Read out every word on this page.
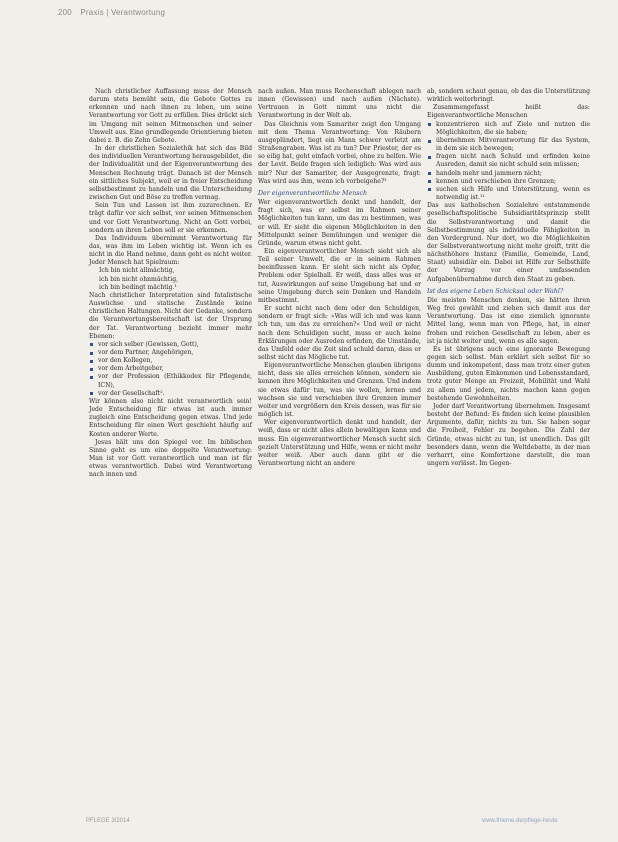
200 Praxis | Verantwortung

Nach christlicher Auffassung muss der Mensch darum stets bemüht sein, die Gebote Gottes zu erkennen und nach ihnen zu leben, um seine Verantwortung vor Gott zu erfüllen. Dies drückt sich im Umgang mit seinen Mitmenschen und seiner Umwelt aus. Eine grundlegende Orientierung bieten dabei z. B. die Zehn Gebote.

In der christlichen Sozialethik hat sich das Bild des individuellen Verantwortung herausgebildet, die der Individualität und der Eigenverantwortung des Menschen Rechnung trägt. Danach ist der Mensch ein sittliches Subjekt, weil er in freier Entscheidung selbstbestimmt zu handeln und die Unterscheidung zwischen Gut und Böse zu treffen vermag.

Sein Tun und Lassen ist ihm zuzurechnen. Er trägt dafür vor sich selbst, vor seinen Mitmenschen und vor Gott Verantwortung. Nicht an Gott vorbei, sondern an ihren Leben soll er sie erkennen.

Das Individuum übernimmt Verantwortung für das, was ihm im Leben wichtig ist. Wenn ich es nicht in die Hand nehme, dann geht es nicht weiter. Jeder Mensch hat Spielraum:

Ich bin nicht allmächtig,

ich bin nicht ohnmächtig,

ich bin bedingt mächtig.¹

Nach christlicher Interpretation sind fatalistische Auswüchse und statische Zustände keine christlichen Haltungen. Nicht der Gedanke, sondern die Verantwortungsbereitschaft ist der Ursprung der Tat. Verantwortung bezieht immer mehr Ebenen:

vor sich selber (Gewissen, Gott),
vor dem Partner, Angehörigen,
vor den Kollegen,
vor dem Arbeitgeber,
vor der Profession (Ethikkodex für Pflegende, ICN),
vor der Gesellschaft².

Wir können also nicht nicht verantwortlich sein! Jede Entscheidung für etwas ist auch immer zugleich eine Entscheidung gegen etwas. Und jede Entscheidung für einen Wert geschieht häufig auf Kosten anderer Werte.

Jesus hält uns den Spiegel vor. Im biblischen Sinne geht es um eine doppelte Verantwortung: Man ist vor Gott verantwortlich und man ist für etwas verantwortlich. Dabei wird Verantwortung nach innen und

nach außen. Man muss Rechenschaft ablegen nach innen (Gewissen) und nach außen (Nächste). Vertrauen in Gott nimmt uns nicht die Verantwortung in der Welt ab.

Das Gleichnis vom Samariter zeigt den Umgang mit dem Thema Verantwortung: Von Räubern ausgeplündert, liegt ein Mann schwer verletzt am Straßengraben. Was ist zu tun? Der Priester, der es so eilig hat, geht einfach vorbei, ohne zu helfen. Wie der Levit. Beide fragen sich lediglich: Was wird aus mir? Nur der Samariter, der Ausgegrenzte, fragt: Was wird aus ihm, wenn ich vorbeigehe?³

Der eigenverantwortliche Mensch

Wer eigenverantwortlich denkt und handelt, der fragt sich, was er selbst im Rahmen seiner Möglichkeiten tun kann, um das zu bestimmen, was er will. Er sieht die eigenen Möglichkeiten in den Mittelpunkt seiner Bemühungen und weniger die Gründe, warum etwas nicht geht.

Ein eigenverantwortlicher Mensch sieht sich als Teil seiner Umwelt, die er in seinem Rahmen beeinflussen kann. Er sieht sich nicht als Opfer, Problem oder Spielball. Er weiß, dass alles was er tut, Auswirkungen auf seine Umgebung hat und er seine Umgebung durch sein Denken und Handeln mitbestimmt.

Er sucht nicht nach dem oder den Schuldigen, sondern er fragt sich: »Was will ich und was kann ich tun, um das zu erreichen?« Und weil er nicht nach dem Schuldigen sucht, muss er auch keine Erklärungen oder Ausreden erfinden, die Umstände, das Umfeld oder die Zeit sind schuld daran, dass er selbst nicht das Mögliche tut.

Eigenverantwortliche Menschen glauben übrigens nicht, dass sie alles erreichen können, sondern sie kennen ihre Möglichkeiten und Grenzen. Und indem sie etwas dafür tun, was sie wollen, lernen und wachsen sie und verschieben ihre Grenzen immer weiter und vergrößern den Kreis dessen, was für sie möglich ist.

Wer eigenverantwortlich denkt und handelt, der weiß, dass er nicht alles allein bewältigen kann und muss. Ein eigenverantwortlicher Mensch sucht sich gezielt Unterstützung und Hilfe, wenn er nicht mehr weiter weiß. Aber auch dann gibt er die Verantwortung nicht an andere

ab, sondern schaut genau, ob das die Unterstützung wirklich weiterbringt.

Zusammengefasst heißt das: Eigenverantwortliche Menschen

konzentrieren sich auf Ziele und nutzen die Möglichkeiten, die sie haben;
übernehmen Mitverantwortung für das System, in dem sie sich bewegen;
fragen nicht nach Schuld und erfinden keine Ausreden, damit sie nicht schuld sein müssen;
handeln mehr und jammern nicht;
kennen und verschieben ihre Grenzen;
suchen sich Hilfe und Unterstützung, wenn es notwendig ist.¹¹

Das aus katholischen Sozialehre entstammende gesellschaftspolitische Subsidiaritätsprinzip stellt die Selbstverantwortung und damit die Selbstbestimmung als individuelle Fähigkeiten in den Vordergrund. Nur dort, wo die Möglichkeiten der Selbstverantwortung nicht mehr greift, tritt die nächsthöhere Instanz (Familie, Gemeinde, Land, Staat) subsidiär ein. Dabei ist Hilfe zur Selbsthilfe der Vorzug vor einer umfassenden Aufgabenübernahme durch den Staat zu geben.

Ist das eigene Leben Schicksal oder Wahl?

Die meisten Menschen denken, sie hätten ihren Weg frei gewählt und ziehen sich damit aus der Verantwortung. Das ist eine ziemlich ignorante Mittel lang, wenn man von Pflege, hat, in einer frohen und reichen Gesellschaft zu leben, aber es ist ja nicht weiter und, wenn es alle sagen.

Es ist übrigens auch eine ignorante Bewegung gegen sich selbst. Man erklärt sich selbst für so dumm und inkompetent, dass man trotz einer guten Ausbildung, guten Einkommen und Lebensstandard, trotz guter Menge an Freizeit, Mobilität und Wahl zu allem und jedem, nichts machen kann gegen bestehende Gewohnheiten.

Jeder darf Verantwortung übernehmen. Insgesamt besteht der Befund: Es finden sich keine plausiblen Argumente, dafür, nichts zu tun. Sie haben sogar die Freiheit, Fehler zu begehen. Die Zahl der Gründe, etwas nicht zu tun, ist unendlich. Das gilt besonders dann, wenn die Weltdebatte, in der man verharrt, eine Komfortzone darstellt, die man ungern verlässt. Im Gegen-

PFLEGE 3/2014	www.thieme.de/pflege-heute
